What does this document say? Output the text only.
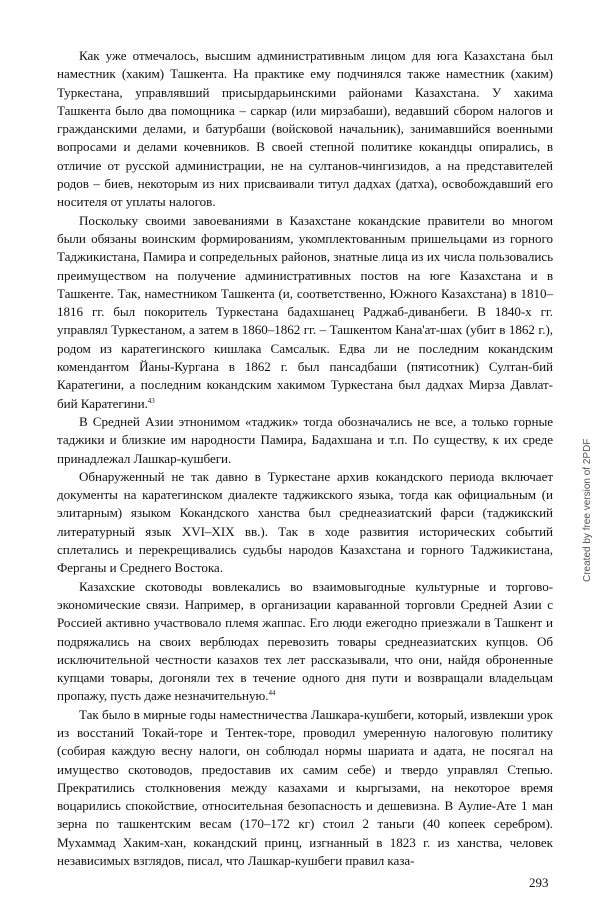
Как уже отмечалось, высшим административным лицом для юга Казахстана был наместник (хаким) Ташкента. На практике ему подчинялся также наместник (хаким) Туркестана, управлявший присырдарьинскими районами Казахстана. У хакима Ташкента было два помощника – саркар (или мирзабаши), ведавший сбором налогов и гражданскими делами, и батурбаши (войсковой начальник), занимавшийся военными вопросами и делами кочевников. В своей степной политике кокандцы опирались, в отличие от русской администрации, не на султанов-чингизидов, а на представителей родов – биев, некоторым из них присваивали титул дадхах (датха), освобождавший его носителя от уплаты налогов.

Поскольку своими завоеваниями в Казахстане кокандские правители во многом были обязаны воинским формированиям, укомплектованным пришельцами из горного Таджикистана, Памира и сопредельных районов, знатные лица из их числа пользовались преимуществом на получение административных постов на юге Казахстана и в Ташкенте. Так, наместником Ташкента (и, соответственно, Южного Казахстана) в 1810–1816 гг. был покоритель Туркестана бадахшанец Раджаб-диванбеги. В 1840-х гг. управлял Туркестаном, а затем в 1860–1862 гг. – Ташкентом Кана'ат-шах (убит в 1862 г.), родом из каратегинского кишлака Самсалык. Едва ли не последним кокандским комендантом Йаны-Кургана в 1862 г. был пансадбаши (пятисотник) Султан-бий Каратегини, а последним кокандским хакимом Туркестана был дадхах Мирза Давлат-бий Каратегини.$^{43}$

В Средней Азии этнонимом «таджик» тогда обозначались не все, а только горные таджики и близкие им народности Памира, Бадахшана и т.п. По существу, к их среде принадлежал Лашкар-кушбеги.

Обнаруженный не так давно в Туркестане архив кокандского периода включает документы на каратегинском диалекте таджикского языка, тогда как официальным (и элитарным) языком Кокандского ханства был среднеазиатский фарси (таджикский литературный язык XVI–XIX вв.). Так в ходе развития исторических событий сплетались и перекрещивались судьбы народов Казахстана и горного Таджикистана, Ферганы и Среднего Востока.

Казахские скотоводы вовлекались во взаимовыгодные культурные и торгово-экономические связи. Например, в организации караванной торговли Средней Азии с Россией активно участвовало племя жаппас. Его люди ежегодно приезжали в Ташкент и подряжались на своих верблюдах перевозить товары среднеазиатских купцов. Об исключительной честности казахов тех лет рассказывали, что они, найдя оброненные купцами товары, догоняли тех в течение одного дня пути и возвращали владельцам пропажу, пусть даже незначительную.$^{44}$

Так было в мирные годы наместничества Лашкара-кушбеги, который, извлекши урок из восстаний Токай-торе и Тентек-торе, проводил умеренную налоговую политику (собирая каждую весну налоги, он соблюдал нормы шариата и адата, не посягал на имущество скотоводов, предоставив их самим себе) и твердо управлял Степью. Прекратились столкновения между казахами и кыргызами, на некоторое время воцарились спокойствие, относительная безопасность и дешевизна. В Аулие-Ате 1 ман зерна по ташкентским весам (170–172 кг) стоил 2 таньги (40 копеек серебром). Мухаммад Хаким-хан, кокандский принц, изгнанный в 1823 г. из ханства, человек независимых взглядов, писал, что Лашкар-кушбеги правил каза-

Created by free version of 2PDF
293
